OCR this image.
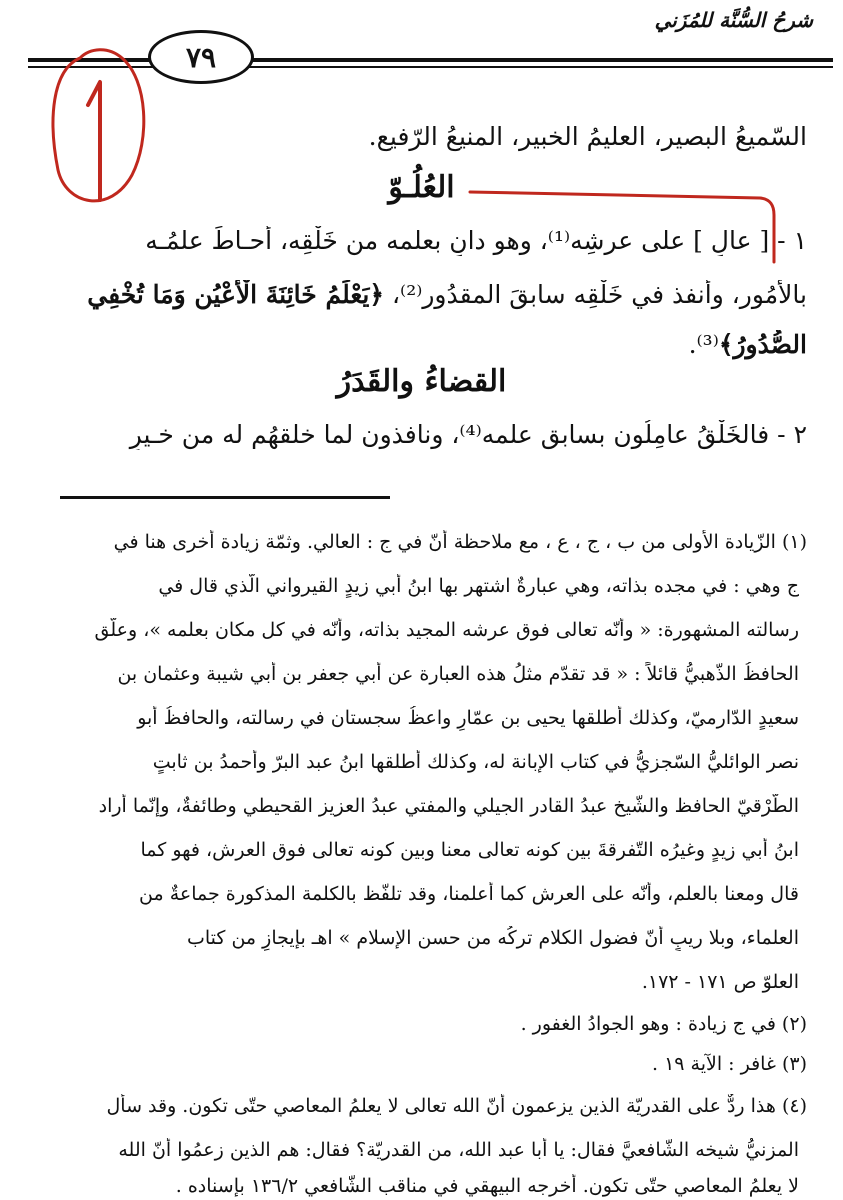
شرحُ السُّنَّة للمُزَني
٧٩
السّميعُ البصير، العليمُ الخبير، المنيعُ الرّفيع.
العُلُـوّ
١ - [ عالٍ ] على عرشِه⁽¹⁾، وهو دانٍ بعلمه من خَلْقِه، أحـاطَ علمُـه
بالأمُور، وأنفذ في خَلْقِه سابقَ المقدُور⁽²⁾، ﴿يَعْلَمُ خَائِنَةَ الْأَعْيُنِ وَمَا تُخْفِي
الصُّدُورُ﴾⁽³⁾.
القضاءُ والقَدَرُ
٢ - فالخَلْقُ عامِلُون بسابق علمه⁽⁴⁾، ونافذون لما خلقهُم له من خـيرٍ
(١) الزّيادة الأولى من ب ، ج ، ع ، مع ملاحظة أنّ في ج : العالي. وثمّة زيادة أخرى هنا في
ج وهي : في مجده بذاته، وهي عبارةٌ اشتهر بها ابنُ أبي زيدٍ القيرواني الّذي قال في
رسالته المشهورة: « وأنّه تعالى فوق عرشه المجيد بذاته، وأنّه في كل مكان بعلمه »، وعلّق
الحافظُ الذّهبيُّ قائلاً : « قد تقدّم مثلُ هذه العبارة عن أبي جعفر بن أبي شيبة وعثمان بن
سعيدٍ الدّارميّ، وكذلك أطلقها يحيى بن عمّارٍ واعظُ سجستان في رسالته، والحافظُ أبو
نصر الوائليُّ السّجزيُّ في كتاب الإبانة له، وكذلك أطلقها ابنُ عبد البرّ وأحمدُ بن ثابتٍ
الطّرْقيّ الحافظ والشّيخ عبدُ القادر الجيلي والمفتي عبدُ العزيز القحيطي وطائفةٌ، وإنّما أراد
ابنُ أبي زيدٍ وغيرُه التّفرقةَ بين كونه تعالى معنا وبين كونه تعالى فوق العرش، فهو كما
قال ومعنا بالعلم، وأنّه على العرش كما أعلمنا، وقد تلفّظ بالكلمة المذكورة جماعةٌ من
العلماء، وبلا ريبٍ أنّ فضول الكلام تركُه من حسن الإسلام » اهـ بإيجازٍ من كتاب
العلوّ ص ١٧١ - ١٧٢.
(٢) في ج زيادة : وهو الجوادُ الغفور .
(٣) غافر : الآية ١٩ .
(٤) هذا ردٌّ على القدريّة الذين يزعمون أنّ الله تعالى لا يعلمُ المعاصي حتّى تكون. وقد سأل
المزنيُّ شيخه الشّافعيَّ فقال: يا أبا عبد الله، من القدريّة؟ فقال: هم الذين زعمُوا أنّ الله
لا يعلمُ المعاصي حتّى تكون. أخرجه البيهقي في مناقب الشّافعي ١٣٦/٢ بإسناده .
